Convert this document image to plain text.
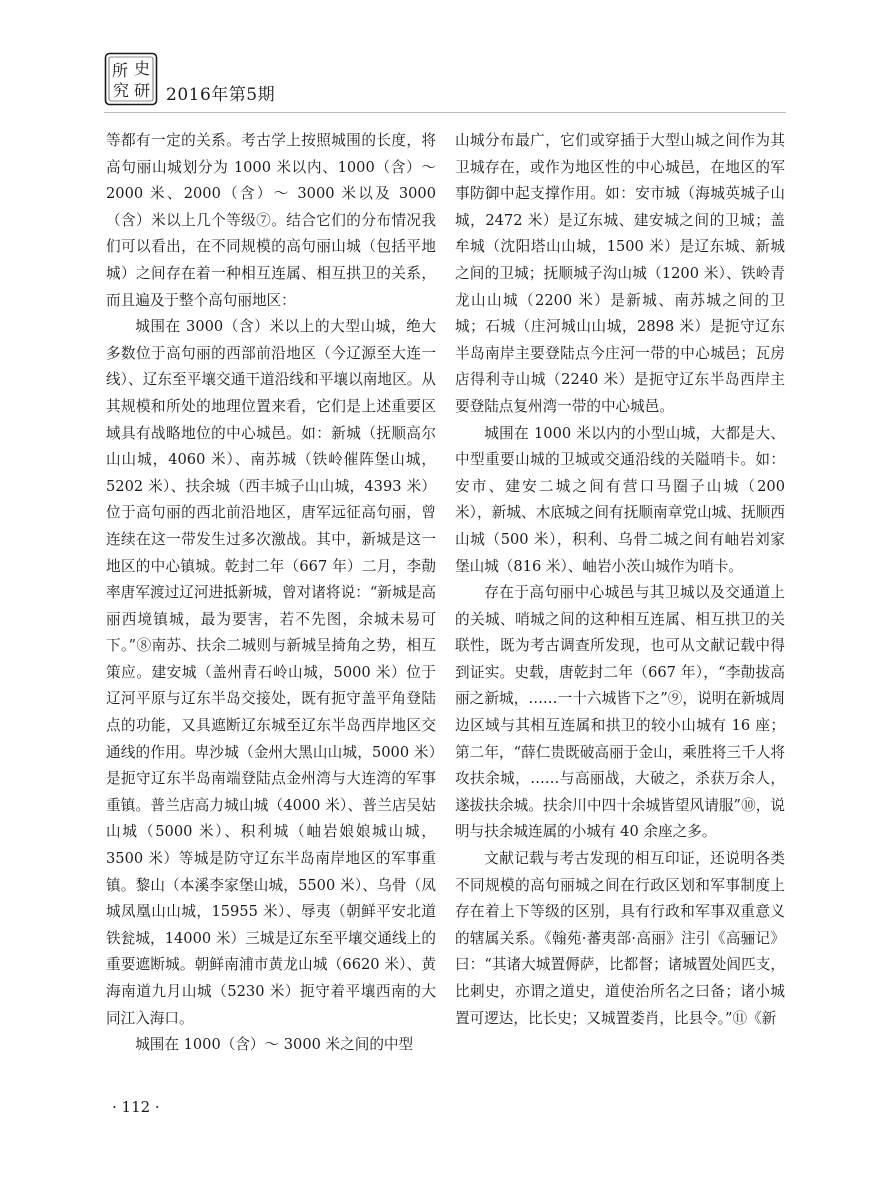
所 史
究 研 2016年第5期

等都有一定的关系。考古学上按照城围的长度，将高句丽山城划分为 1000 米以内、1000（含）～ 2000 米、2000（含）～ 3000 米以及 3000（含）米以上几个等级⑦。结合它们的分布情况我们可以看出，在不同规模的高句丽山城（包括平地城）之间存在着一种相互连属、相互拱卫的关系，而且遍及于整个高句丽地区：

城围在 3000（含）米以上的大型山城，绝大多数位于高句丽的西部前沿地区（今辽源至大连一线）、辽东至平壤交通干道沿线和平壤以南地区。从其规模和所处的地理位置来看，它们是上述重要区域具有战略地位的中心城邑。如：新城（抚顺高尔山山城，4060 米）、南苏城（铁岭催阵堡山城，5202 米）、扶余城（西丰城子山山城，4393 米）位于高句丽的西北前沿地区，唐军远征高句丽，曾连续在这一带发生过多次激战。其中，新城是这一地区的中心镇城。乾封二年（667 年）二月，李勣率唐军渡过辽河进抵新城，曾对诸将说：“新城是高丽西境镇城，最为要害，若不先图，余城未易可下。”⑧南苏、扶余二城则与新城呈掎角之势，相互策应。建安城（盖州青石岭山城，5000 米）位于辽河平原与辽东半岛交接处，既有扼守盖平角登陆点的功能，又具遮断辽东城至辽东半岛西岸地区交通线的作用。卑沙城（金州大黑山山城，5000 米）是扼守辽东半岛南端登陆点金州湾与大连湾的军事重镇。普兰店高力城山城（4000 米）、普兰店吴姑山城（5000 米）、积利城（岫岩娘娘城山城，3500 米）等城是防守辽东半岛南岸地区的军事重镇。黎山（本溪李家堡山城，5500 米）、乌骨（凤城凤凰山山城，15955 米）、辱夷（朝鲜平安北道铁瓮城，14000 米）三城是辽东至平壤交通线上的重要遮断城。朝鲜南浦市黄龙山城（6620 米）、黄海南道九月山城（5230 米）扼守着平壤西南的大同江入海口。

城围在 1000（含）～ 3000 米之间的中型

山城分布最广，它们或穿插于大型山城之间作为其卫城存在，或作为地区性的中心城邑，在地区的军事防御中起支撑作用。如：安市城（海城英城子山城，2472 米）是辽东城、建安城之间的卫城；盖牟城（沈阳塔山山城，1500 米）是辽东城、新城之间的卫城；抚顺城子沟山城（1200 米）、铁岭青龙山山城（2200 米）是新城、南苏城之间的卫城；石城（庄河城山山城，2898 米）是扼守辽东半岛南岸主要登陆点今庄河一带的中心城邑；瓦房店得利寺山城（2240 米）是扼守辽东半岛西岸主要登陆点复州湾一带的中心城邑。

城围在 1000 米以内的小型山城，大都是大、中型重要山城的卫城或交通沿线的关隘哨卡。如：安市、建安二城之间有营口马圈子山城（200 米），新城、木底城之间有抚顺南章党山城、抚顺西山城（500 米），积利、乌骨二城之间有岫岩刘家堡山城（816 米）、岫岩小茨山城作为哨卡。

存在于高句丽中心城邑与其卫城以及交通道上的关城、哨城之间的这种相互连属、相互拱卫的关联性，既为考古调查所发现，也可从文献记载中得到证实。史载，唐乾封二年（667 年），“李勣拔高丽之新城，……一十六城皆下之”⑨，说明在新城周边区域与其相互连属和拱卫的较小山城有 16 座；第二年，“薛仁贵既破高丽于金山，乘胜将三千人将攻扶余城，……与高丽战，大破之，杀获万余人，遂拔扶余城。扶余川中四十余城皆望风请服”⑩，说明与扶余城连属的小城有 40 余座之多。

文献记载与考古发现的相互印证，还说明各类不同规模的高句丽城之间在行政区划和军事制度上存在着上下等级的区别，具有行政和军事双重意义的辖属关系。《翰苑·蕃夷部·高丽》注引《高骊记》曰：“其诸大城置傉萨，比都督；诸城置处闾匹支，比刺史，亦谓之道史，道使治所名之曰备；诸小城置可逻达，比长史；又城置娄肖，比县令。”⑪《新

· 112 ·
